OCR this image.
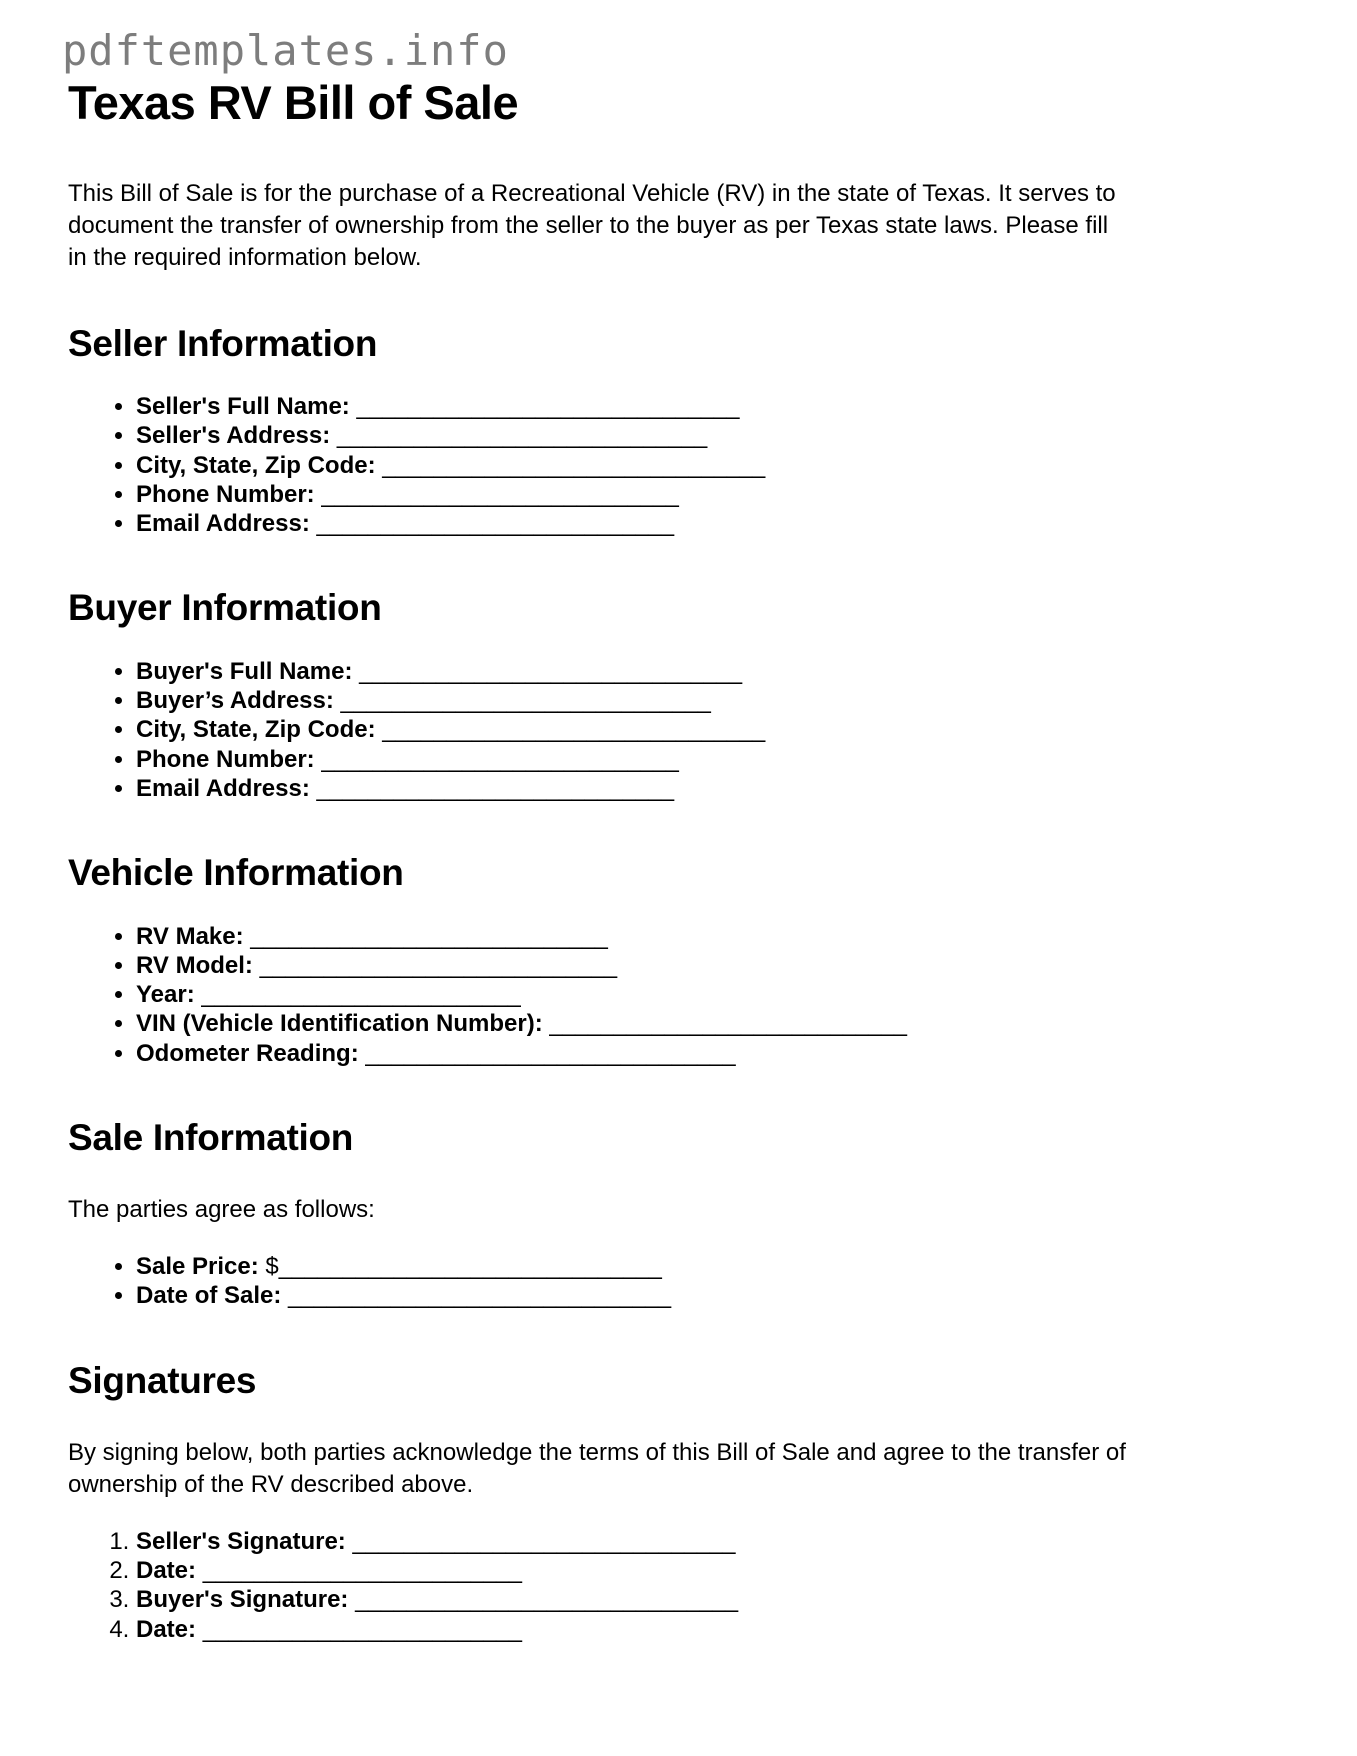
pdftemplates.info
Texas RV Bill of Sale

This Bill of Sale is for the purchase of a Recreational Vehicle (RV) in the state of Texas. It serves to document the transfer of ownership from the seller to the buyer as per Texas state laws. Please fill in the required information below.

Seller Information
• Seller's Full Name: ______________________________
• Seller's Address: _____________________________
• City, State, Zip Code: ______________________________
• Phone Number: ____________________________
• Email Address: ____________________________
Buyer Information
• Buyer's Full Name: ______________________________
• Buyer’s Address: _____________________________
• City, State, Zip Code: ______________________________
• Phone Number: ____________________________
• Email Address: ____________________________
Vehicle Information
• RV Make: ____________________________
• RV Model: ____________________________
• Year: _________________________
• VIN (Vehicle Identification Number): ____________________________
• Odometer Reading: _____________________________
Sale Information

The parties agree as follows:

• Sale Price: $______________________________
• Date of Sale: ______________________________
Signatures

By signing below, both parties acknowledge the terms of this Bill of Sale and agree to the transfer of ownership of the RV described above.

1. Seller's Signature: ______________________________
2. Date: _________________________
3. Buyer's Signature: ______________________________
4. Date: _________________________
